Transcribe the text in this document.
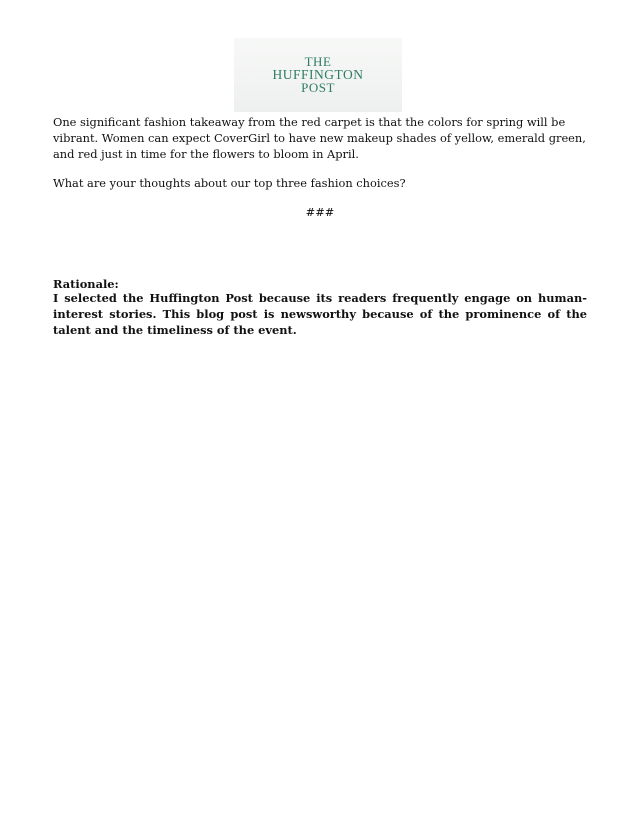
THE
HUFFINGTON
POST

One significant fashion takeaway from the red carpet is that the colors for spring will be vibrant. Women can expect CoverGirl to have new makeup shades of yellow, emerald green, and red just in time for the flowers to bloom in April.

What are your thoughts about our top three fashion choices?

###
Rationale:

I selected the Huffington Post because its readers frequently engage on human-interest stories. This blog post is newsworthy because of the prominence of the talent and the timeliness of the event.
